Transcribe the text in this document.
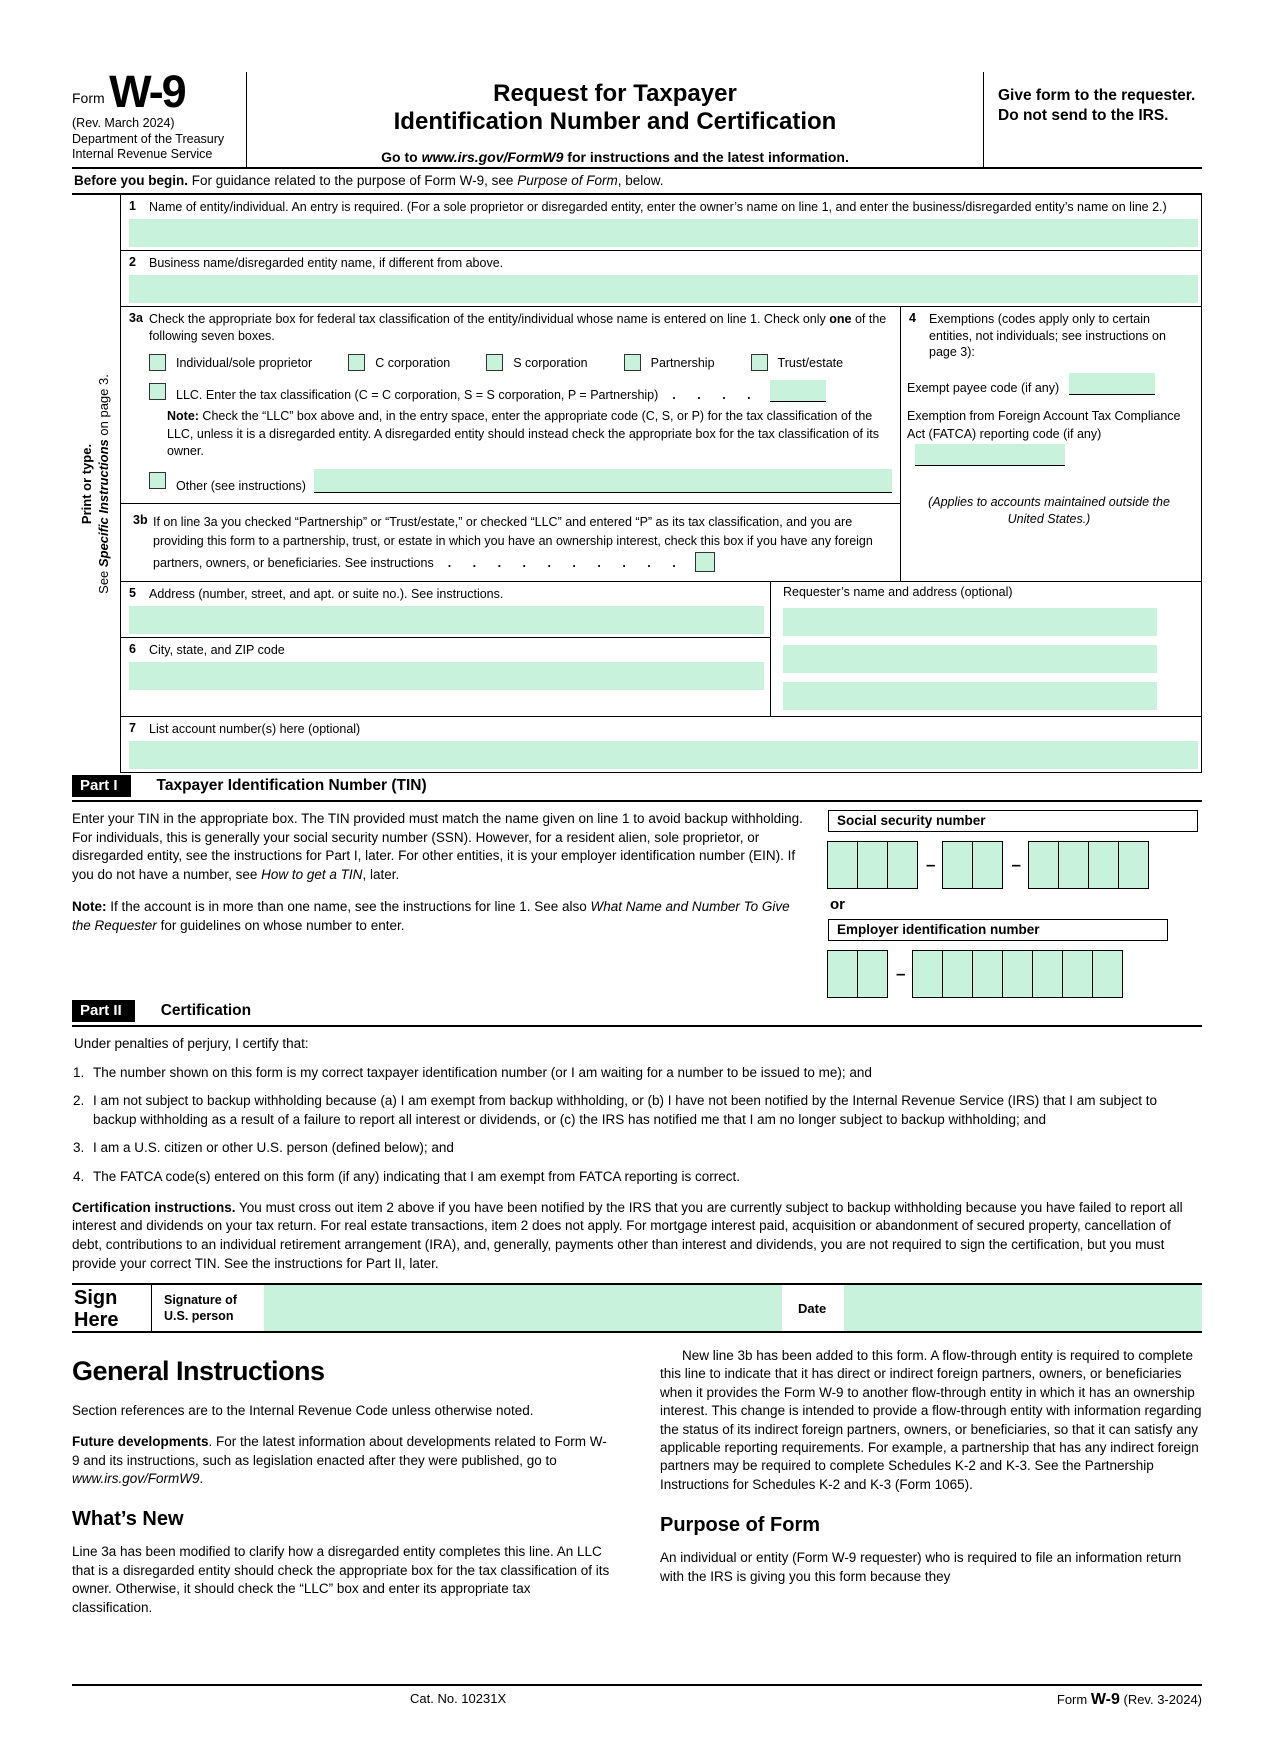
Form W-9
(Rev. March 2024)
Department of the Treasury
Internal Revenue Service
Request for Taxpayer
Identification Number and Certification
Go to www.irs.gov/FormW9 for instructions and the latest information.
Give form to the requester. Do not send to the IRS.
Before you begin. For guidance related to the purpose of Form W-9, see Purpose of Form, below.
Print or type.
See Specific Instructions on page 3.
1	Name of entity/individual. An entry is required. (For a sole proprietor or disregarded entity, enter the owner’s name on line 1, and enter the business/disregarded entity’s name on line 2.)
2	Business name/disregarded entity name, if different from above.
3a Check the appropriate box for federal tax classification of the entity/individual whose name is entered on line 1. Check only one of the following seven boxes.
Individual/sole proprietor	C corporation	S corporation	Partnership	Trust/estate
LLC. Enter the tax classification (C = C corporation, S = S corporation, P = Partnership) . . . .
Note: Check the “LLC” box above and, in the entry space, enter the appropriate code (C, S, or P) for the tax classification of the LLC, unless it is a disregarded entity. A disregarded entity should instead check the appropriate box for the tax classification of its owner.
Other (see instructions)
3b If on line 3a you checked “Partnership” or “Trust/estate,” or checked “LLC” and entered “P” as its tax classification, and you are providing this form to a partnership, trust, or estate in which you have an ownership interest, check this box if you have any foreign partners, owners, or beneficiaries. See instructions . . . . . . . . . .
4	Exemptions (codes apply only to certain entities, not individuals; see instructions on page 3):
Exempt payee code (if any)
Exemption from Foreign Account Tax Compliance Act (FATCA) reporting code (if any)
(Applies to accounts maintained outside the United States.)
5	Address (number, street, and apt. or suite no.). See instructions.
6	City, state, and ZIP code
Requester’s name and address (optional)
7	List account number(s) here (optional)
Part I	Taxpayer Identification Number (TIN)

Enter your TIN in the appropriate box. The TIN provided must match the name given on line 1 to avoid backup withholding. For individuals, this is generally your social security number (SSN). However, for a resident alien, sole proprietor, or disregarded entity, see the instructions for Part I, later. For other entities, it is your employer identification number (EIN). If you do not have a number, see How to get a TIN, later.

Note: If the account is in more than one name, see the instructions for line 1. See also What Name and Number To Give the Requester for guidelines on whose number to enter.

Social security number
–	–
or
Employer identification number
–
Part II	Certification
Under penalties of perjury, I certify that:
1. The number shown on this form is my correct taxpayer identification number (or I am waiting for a number to be issued to me); and
2. I am not subject to backup withholding because (a) I am exempt from backup withholding, or (b) I have not been notified by the Internal Revenue Service (IRS) that I am subject to backup withholding as a result of a failure to report all interest or dividends, or (c) the IRS has notified me that I am no longer subject to backup withholding; and
3. I am a U.S. citizen or other U.S. person (defined below); and
4. The FATCA code(s) entered on this form (if any) indicating that I am exempt from FATCA reporting is correct.
Certification instructions. You must cross out item 2 above if you have been notified by the IRS that you are currently subject to backup withholding because you have failed to report all interest and dividends on your tax return. For real estate transactions, item 2 does not apply. For mortgage interest paid, acquisition or abandonment of secured property, cancellation of debt, contributions to an individual retirement arrangement (IRA), and, generally, payments other than interest and dividends, you are not required to sign the certification, but you must provide your correct TIN. See the instructions for Part II, later.
Sign
Here
Signature of
U.S. person
Date
General Instructions

Section references are to the Internal Revenue Code unless otherwise noted.

Future developments. For the latest information about developments related to Form W-9 and its instructions, such as legislation enacted after they were published, go to www.irs.gov/FormW9.

What’s New

Line 3a has been modified to clarify how a disregarded entity completes this line. An LLC that is a disregarded entity should check the appropriate box for the tax classification of its owner. Otherwise, it should check the “LLC” box and enter its appropriate tax classification.

New line 3b has been added to this form. A flow-through entity is required to complete this line to indicate that it has direct or indirect foreign partners, owners, or beneficiaries when it provides the Form W-9 to another flow-through entity in which it has an ownership interest. This change is intended to provide a flow-through entity with information regarding the status of its indirect foreign partners, owners, or beneficiaries, so that it can satisfy any applicable reporting requirements. For example, a partnership that has any indirect foreign partners may be required to complete Schedules K-2 and K-3. See the Partnership Instructions for Schedules K-2 and K-3 (Form 1065).

Purpose of Form

An individual or entity (Form W-9 requester) who is required to file an information return with the IRS is giving you this form because they

Cat. No. 10231X	Form W-9 (Rev. 3-2024)
